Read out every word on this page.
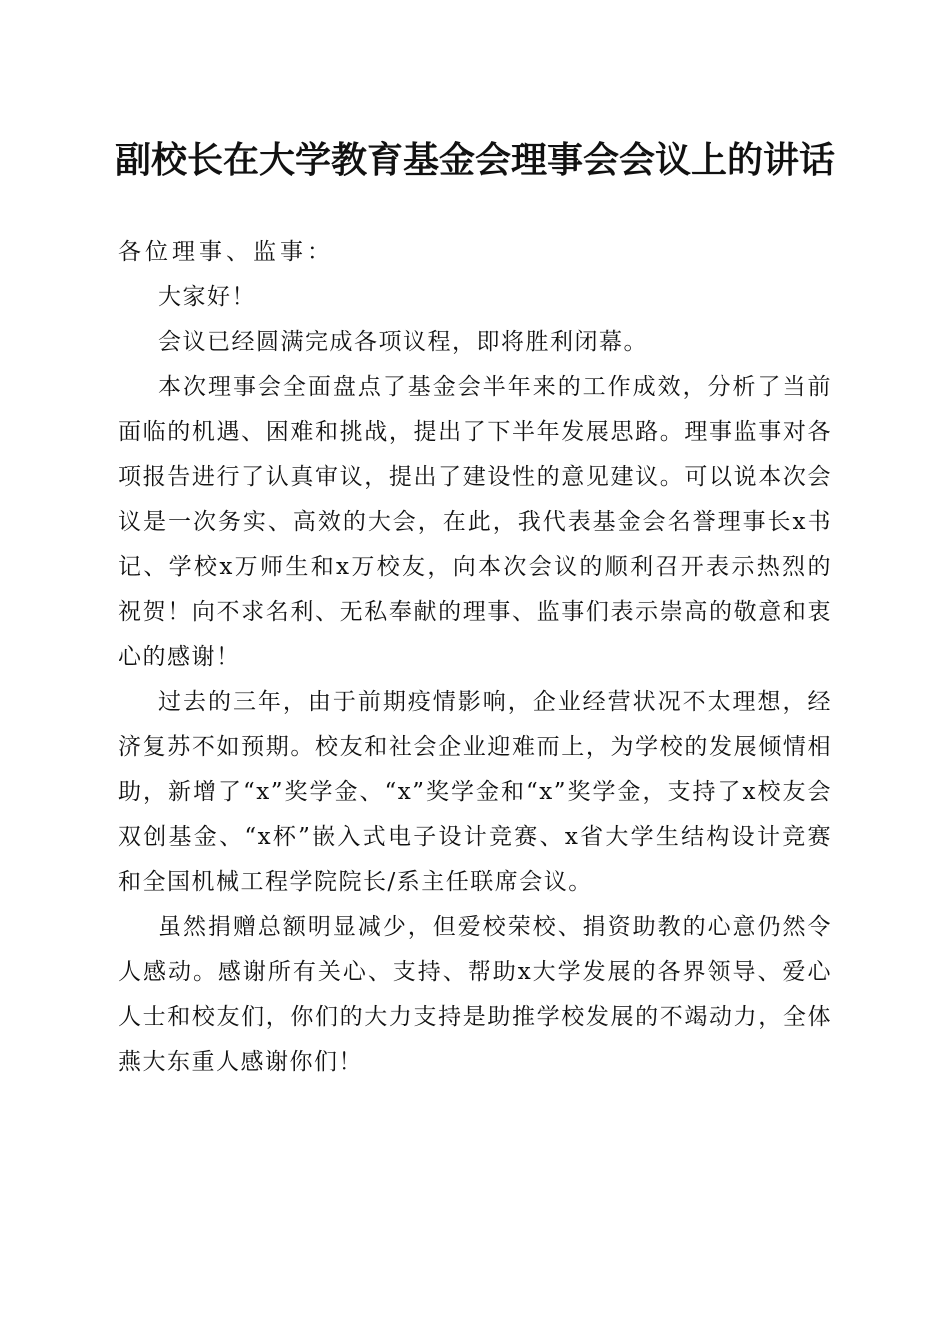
副校长在大学教育基金会理事会会议上的讲话

各位理事、监事：

大家好！

会议已经圆满完成各项议程，即将胜利闭幕。

本次理事会全面盘点了基金会半年来的工作成效，分析了当前面临的机遇、困难和挑战，提出了下半年发展思路。理事监事对各项报告进行了认真审议，提出了建设性的意见建议。可以说本次会议是一次务实、高效的大会，在此，我代表基金会名誉理事长x书记、学校x万师生和x万校友，向本次会议的顺利召开表示热烈的祝贺！向不求名利、无私奉献的理事、监事们表示崇高的敬意和衷心的感谢！

过去的三年，由于前期疫情影响，企业经营状况不太理想，经济复苏不如预期。校友和社会企业迎难而上，为学校的发展倾情相助，新增了“x”奖学金、“x”奖学金和“x”奖学金，支持了x校友会双创基金、“x杯”嵌入式电子设计竞赛、x省大学生结构设计竞赛和全国机械工程学院院长/系主任联席会议。

虽然捐赠总额明显减少，但爱校荣校、捐资助教的心意仍然令人感动。感谢所有关心、支持、帮助x大学发展的各界领导、爱心人士和校友们，你们的大力支持是助推学校发展的不竭动力，全体燕大东重人感谢你们！
